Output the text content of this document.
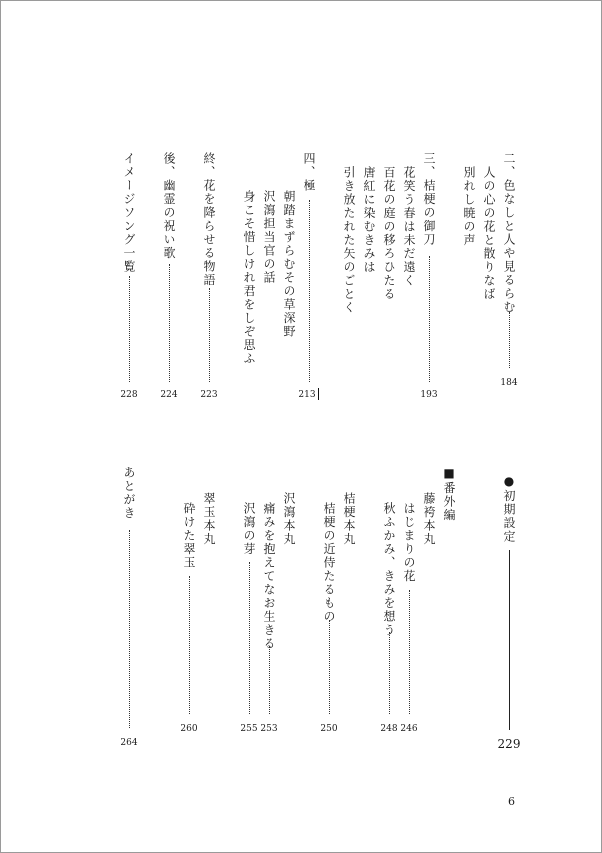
二、色なしと人や見るらむ
人の心の花と散りなば
別れし暁の声
184
三、桔梗の御刀
花笑う春は未だ遠く
百花の庭の移ろひたる
唐紅に染むきみは
引き放たれた矢のごとく
193
四、極
朝踏まずらむその草深野
沢瀉担当官の話
身こそ惜しけれ君をしぞ思ふ
213
終、花を降らせる物語
223
後、幽霊の祝い歌
224
イメージソング一覧
228
●初期設定
229
■番外編
藤袴本丸
はじまりの花
246
秋ふかみ、きみを想う
248
桔梗本丸
桔梗の近侍たるもの
250
沢瀉本丸
痛みを抱えてなお生きる
253
沢瀉の芽
255
翠玉本丸
砕けた翠玉
260
あとがき
264
6
